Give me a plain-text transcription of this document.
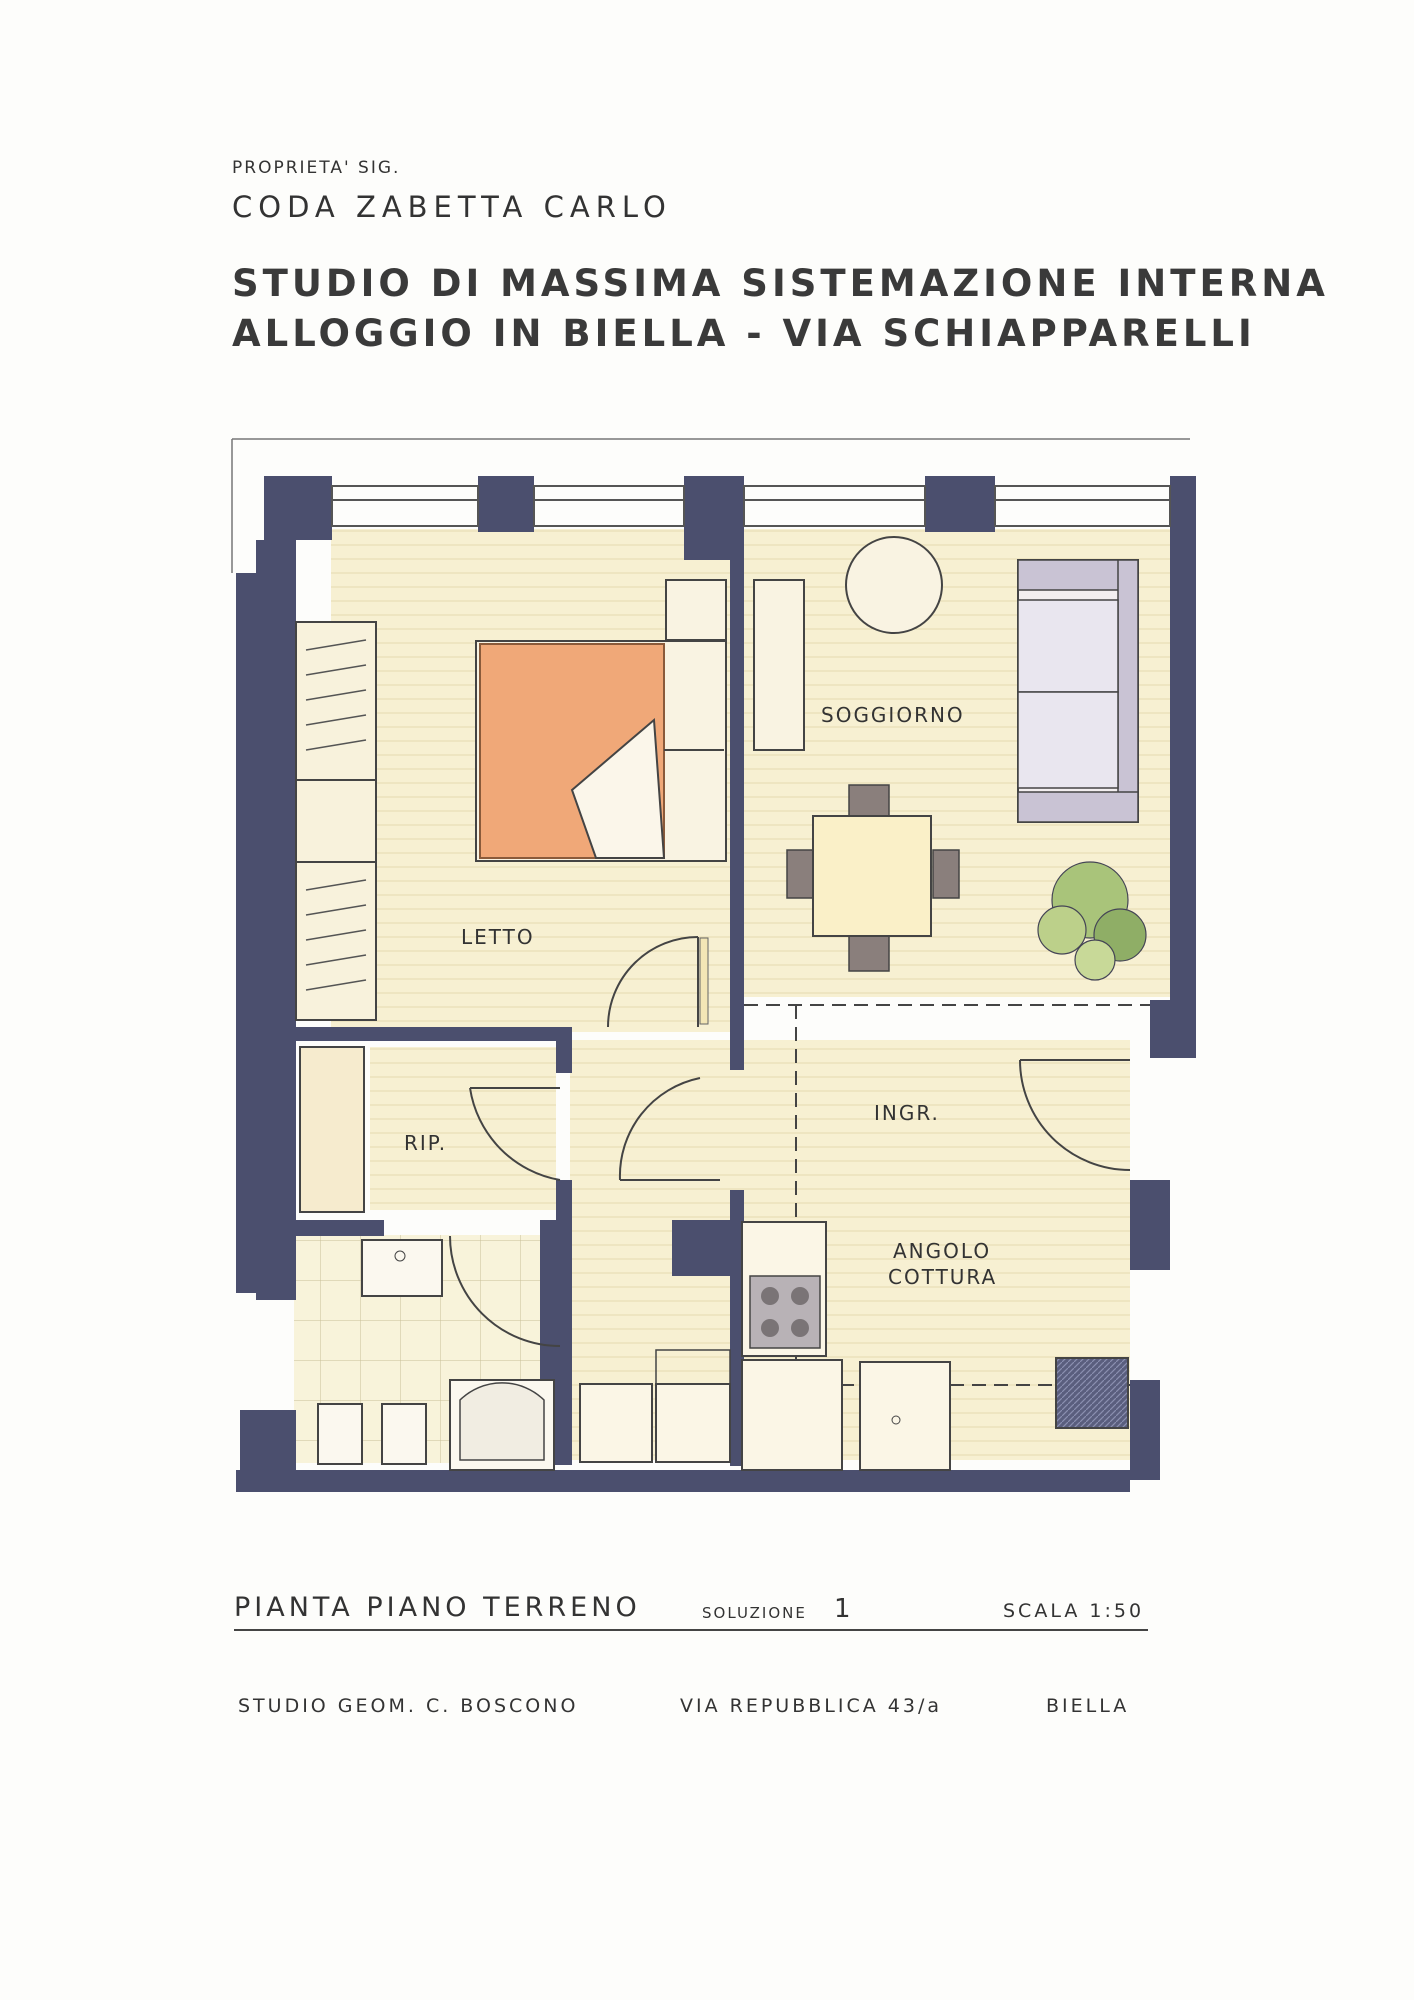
PROPRIETA' SIG.
CODA ZABETTA CARLO
STUDIO DI MASSIMA SISTEMAZIONE INTERNA
ALLOGGIO IN BIELLA - VIA SCHIAPPARELLI
LETTO
SOGGIORNO
RIP.
INGR.
ANGOLO
COTTURA
PIANTA PIANO TERRENO	SOLUZIONE 1	SCALA 1:50
STUDIO GEOM. C. BOSCONO	VIA REPUBBLICA 43/a	BIELLA
